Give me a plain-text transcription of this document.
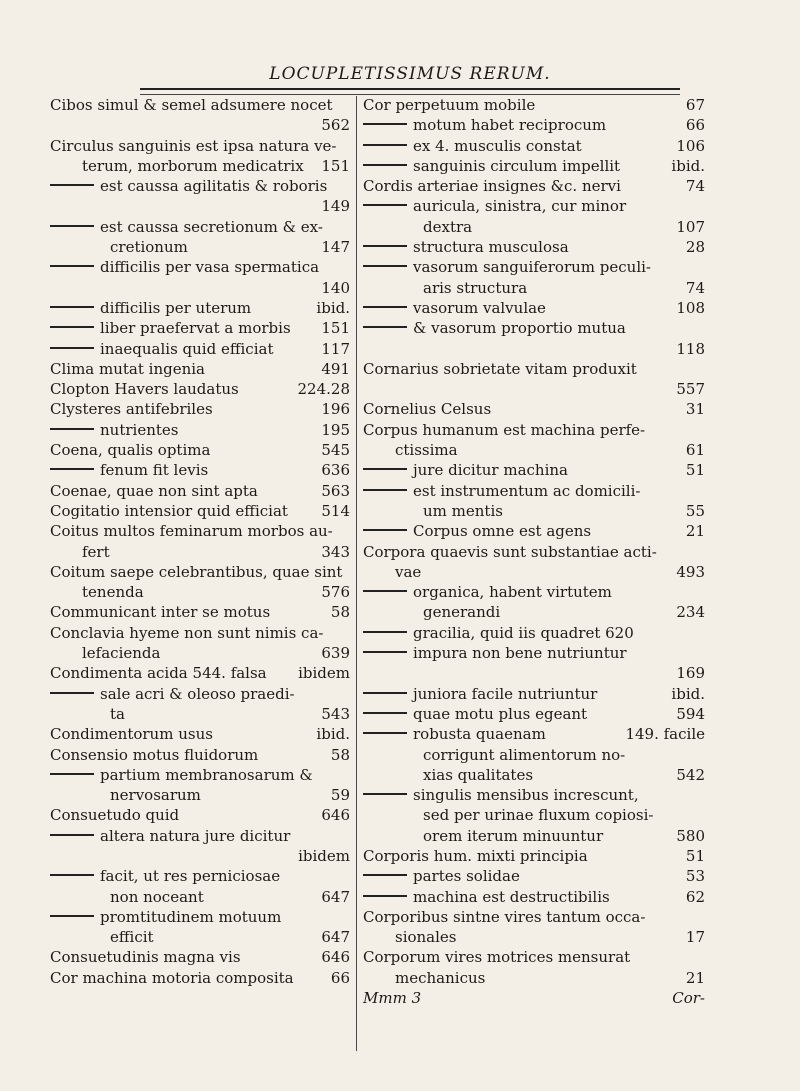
LOCUPLETISSIMUS RERUM.
Cibos simul & semel adsumere nocet
562
Circulus sanguinis est ipsa natura ve-
terum, morborum medicatrix 151
est caussa agilitatis & roboris
149
est caussa secretionum & ex-
cretionum	147
difficilis per vasa spermatica
140
difficilis per uterum	ibid.
liber praefervat a morbis 151
inaequalis quid efficiat	117
Clima mutat ingenia	491
Clopton Havers laudatus	224.28
Clysteres antifebriles	196
nutrientes	195
Coena, qualis optima	545
fenum fit levis	636
Coenae, quae non sint apta	563
Cogitatio intensior quid efficiat 514
Coitus multos feminarum morbos au-
fert	343
Coitum saepe celebrantibus, quae sint
tenenda	576
Communicant inter se motus	58
Conclavia hyeme non sunt nimis ca-
lefacienda	639
Condimenta acida 544. falsa ibidem
sale acri & oleoso praedi-
ta	543
Condimentorum usus	ibid.
Consensio motus fluidorum	58
partium membranosarum &
nervosarum	59
Consuetudo quid	646
altera natura jure dicitur
ibidem
facit, ut res perniciosae
non noceant	647
promtitudinem motuum
efficit	647
Consuetudinis magna vis	646
Cor machina motoria composita 66
Cor perpetuum mobile	67
motum habet reciprocum	66
ex 4. musculis constat	106
sanguinis circulum impellit	ibid.
Cordis arteriae insignes &c. nervi	74
auricula, sinistra, cur minor
dextra	107
structura musculosa	28
vasorum sanguiferorum peculi-
aris structura	74
vasorum valvulae	108
& vasorum proportio mutua
118
Cornarius sobrietate vitam produxit
557
Cornelius Celsus	31
Corpus humanum est machina perfe-
ctissima	61
jure dicitur machina	51
est instrumentum ac domicili-
um mentis	55
Corpus omne est agens	21
Corpora quaevis sunt substantiae acti-
vae	493
organica, habent virtutem
generandi	234
gracilia, quid iis quadret 620
impura non bene nutriuntur
169
juniora facile nutriuntur	ibid.
quae motu plus egeant	594
robusta quaenam	149. facile
corrigunt alimentorum no-
xias qualitates	542
singulis mensibus increscunt,
sed per urinae fluxum copiosi-
orem iterum minuuntur	580
Corporis hum. mixti principia	51
partes solidae	53
machina est destructibilis	62
Corporibus sintne vires tantum occa-
sionales	17
Corporum vires motrices mensurat
mechanicus	21
Mmm 3	Cor-
